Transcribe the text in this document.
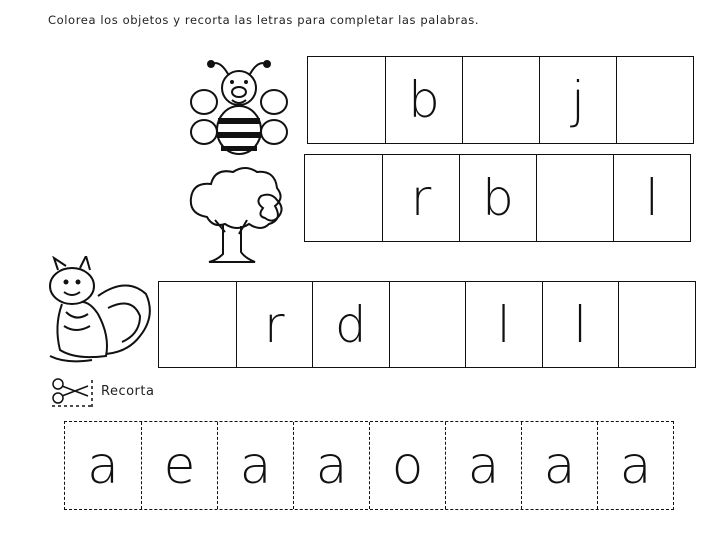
Colorea los objetos y recorta las letras para completar las palabras.
b	j
r	b	l
r	d	l	l
Recorta
a e a a o a a a
